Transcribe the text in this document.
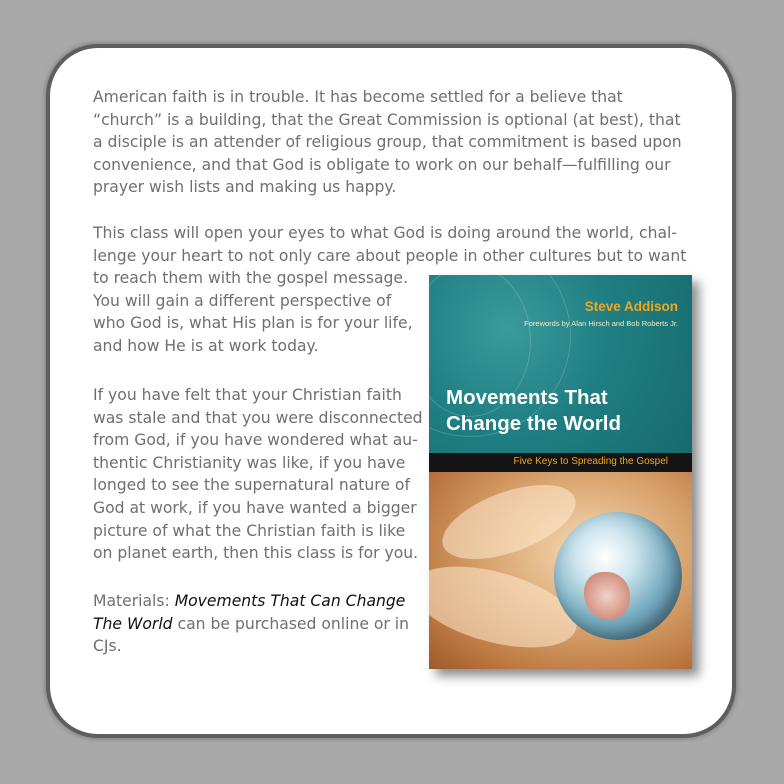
American faith is in trouble. It has become settled for a believe that “church” is a building, that the Great Commission is optional (at best), that a disciple is an attender of religious group, that commitment is based upon convenience, and that God is obligate to work on our behalf—fulfilling our prayer wish lists and making us happy.

This class will open your eyes to what God is doing around the world, chal-
lenge your heart to not only care about people in other cultures but to want
to reach them with the gospel message.
You will gain a different perspective of
who God is, what His plan is for your life,
and how He is at work today.

If you have felt that your Christian faith
was stale and that you were disconnected
from God, if you have wondered what au-
thentic Christianity was like, if you have
longed to see the supernatural nature of
God at work, if you have wanted a bigger
picture of what the Christian faith is like
on planet earth, then this class is for you.

Materials: Movements That Can Change The World can be purchased online or in CJs.

Steve Addison
Forewords by Alan Hirsch and Bob Roberts Jr.
Movements That
Change the World
Five Keys to Spreading the Gospel
